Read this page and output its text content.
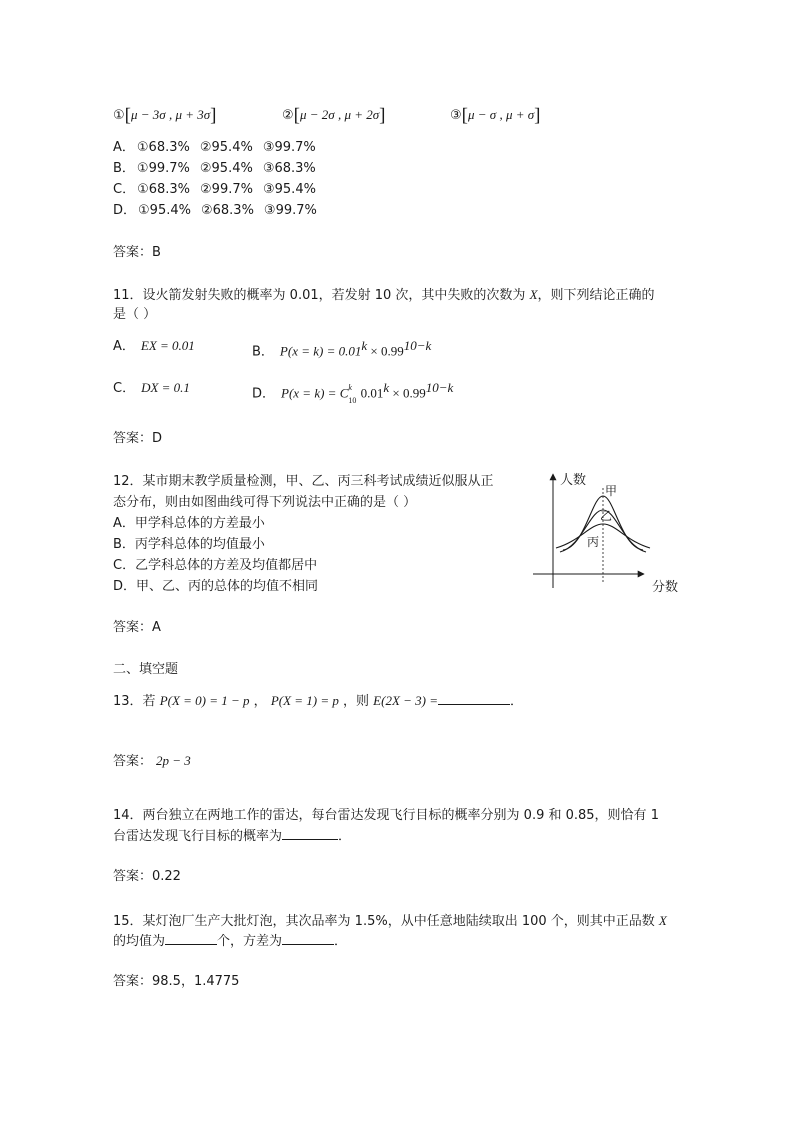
①[μ − 3σ , μ + 3σ]	②[μ − 2σ , μ + 2σ]	③[μ − σ , μ + σ]
A． ①68.3% ②95.4% ③99.7%
B． ①99.7% ②95.4% ③68.3%
C． ①68.3% ②99.7% ③95.4%
D． ①95.4% ②68.3% ③99.7%
答案：B
11．设火箭发射失败的概率为 0.01，若发射 10 次，其中失败的次数为 X，则下列结论正确的
是（ ）
A． EX = 0.01	B． $P(x = k) = 0.01^k \times 0.99^{10-k}$
C． DX = 0.1	D． P(x = k) = C k
10
$0.01^k \times 0.99^{10-k}$
答案：D
12．某市期末教学质量检测，甲、乙、丙三科考试成绩近似服从正
态分布，则由如图曲线可得下列说法中正确的是（ ）
A．甲学科总体的方差最小
B．丙学科总体的均值最小
C．乙学科总体的方差及均值都居中
D．甲、乙、丙的总体的均值不相同
人数
分数
甲
乙
丙
答案：A
二、填空题
13．若 P(X = 0) = 1 − p ， P(X = 1) = p ，则 E(2X − 3) =	．
答案： 2p − 3
14．两台独立在两地工作的雷达，每台雷达发现飞行目标的概率分别为 0.9 和 0.85，则恰有 1
台雷达发现飞行目标的概率为	．
答案：0.22
15．某灯泡厂生产大批灯泡，其次品率为 1.5%，从中任意地陆续取出 100 个，则其中正品数 X
的均值为	个，方差为	．
答案：98.5，1.4775
